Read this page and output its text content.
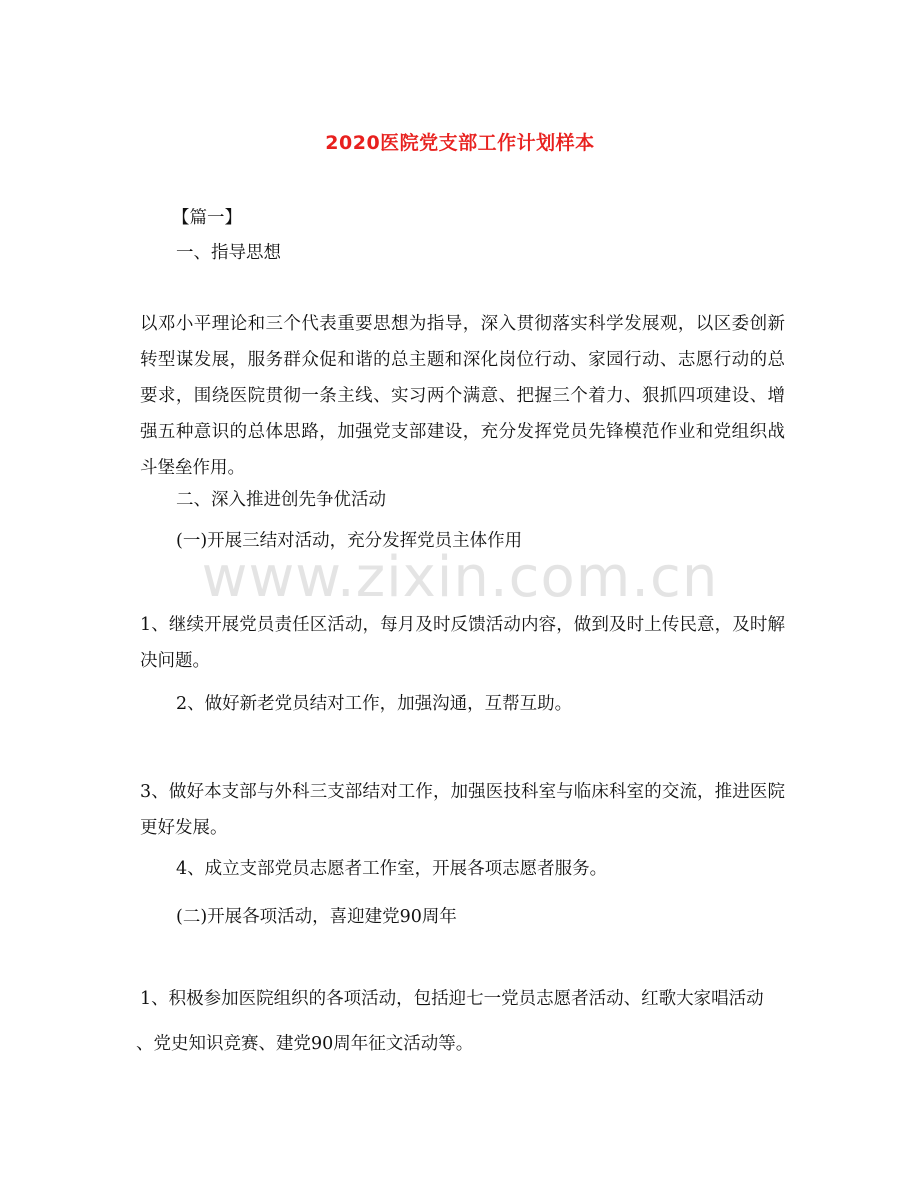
2020医院党支部工作计划样本
【篇一】
一、指导思想
以邓小平理论和三个代表重要思想为指导，深入贯彻落实科学发展观，以区委创新转型谋发展，服务群众促和谐的总主题和深化岗位行动、家园行动、志愿行动的总要求，围绕医院贯彻一条主线、实习两个满意、把握三个着力、狠抓四项建设、增强五种意识的总体思路，加强党支部建设，充分发挥党员先锋模范作业和党组织战斗堡垒作用。
二、深入推进创先争优活动
(一)开展三结对活动，充分发挥党员主体作用
1、继续开展党员责任区活动，每月及时反馈活动内容，做到及时上传民意，及时解决问题。
2、做好新老党员结对工作，加强沟通，互帮互助。
3、做好本支部与外科三支部结对工作，加强医技科室与临床科室的交流，推进医院更好发展。
4、成立支部党员志愿者工作室，开展各项志愿者服务。
(二)开展各项活动，喜迎建党90周年
1、积极参加医院组织的各项活动，包括迎七一党员志愿者活动、红歌大家唱活动
、党史知识竞赛、建党90周年征文活动等。
www.zixin.com.cn
